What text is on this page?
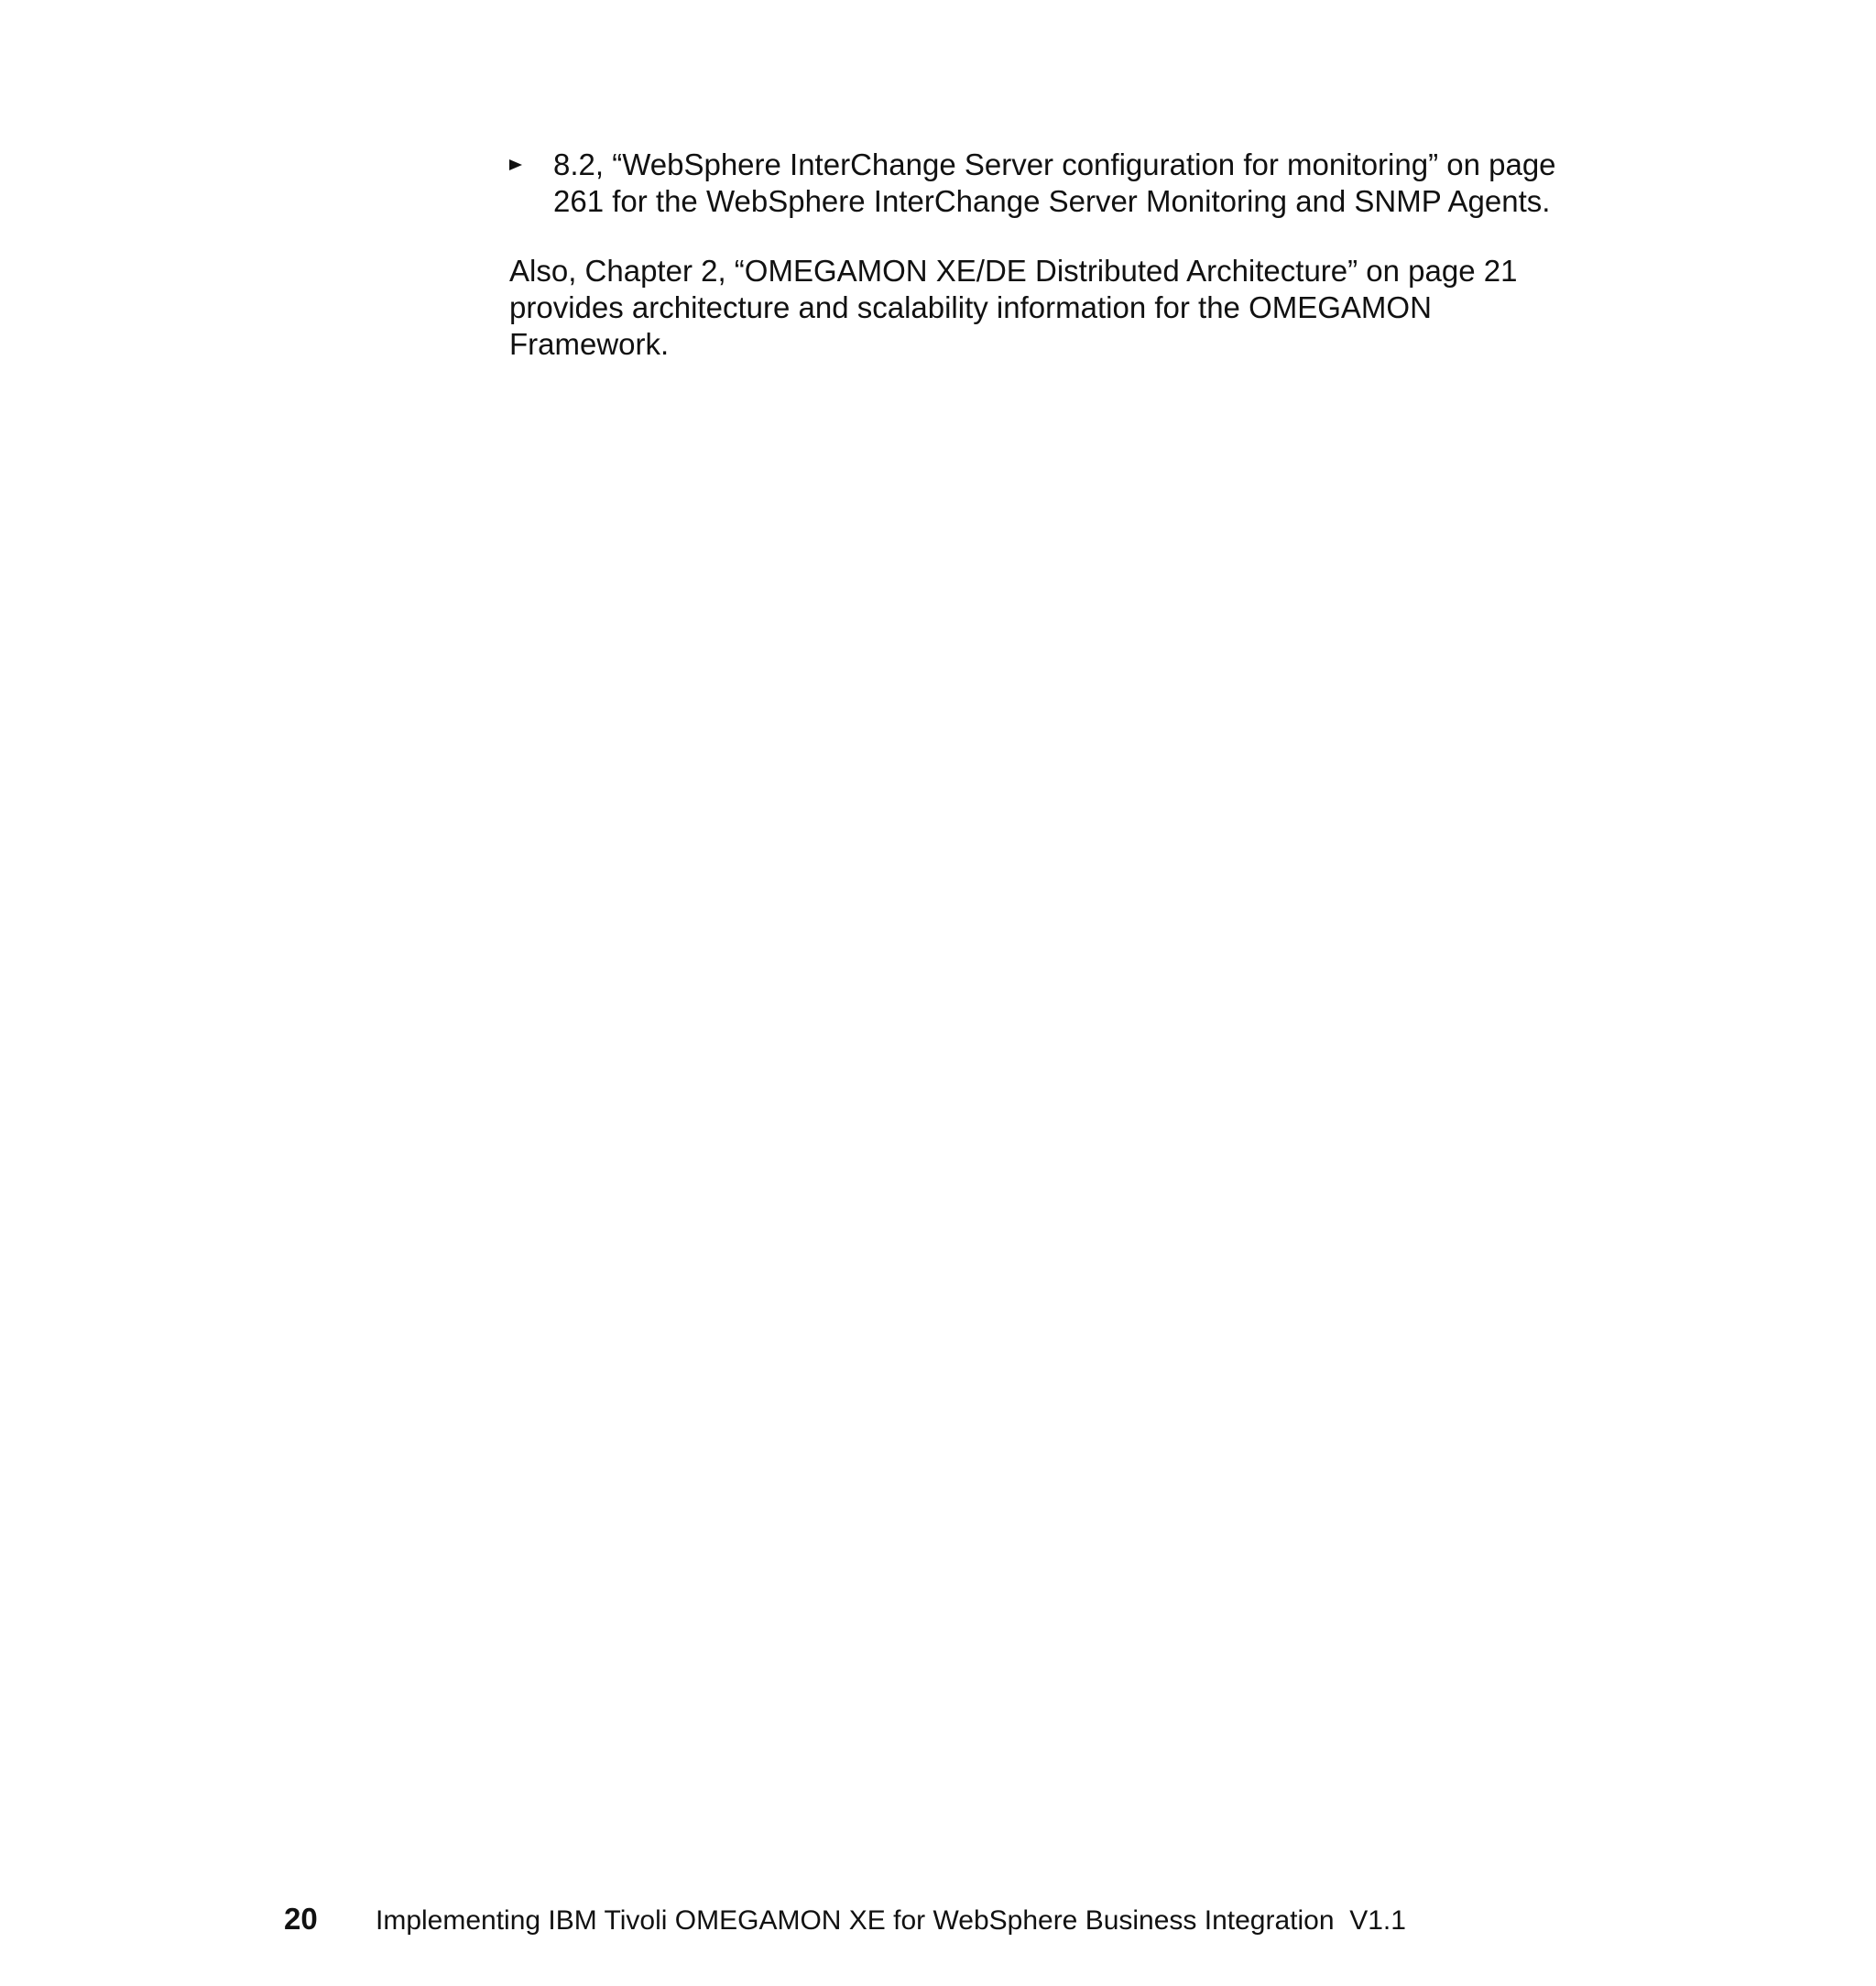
8.2, “WebSphere InterChange Server configuration for monitoring” on page 261 for the WebSphere InterChange Server Monitoring and SNMP Agents.
Also, Chapter 2, “OMEGAMON XE/DE Distributed Architecture” on page 21 provides architecture and scalability information for the OMEGAMON Framework.
20	Implementing IBM Tivoli OMEGAMON XE for WebSphere Business Integration  V1.1
